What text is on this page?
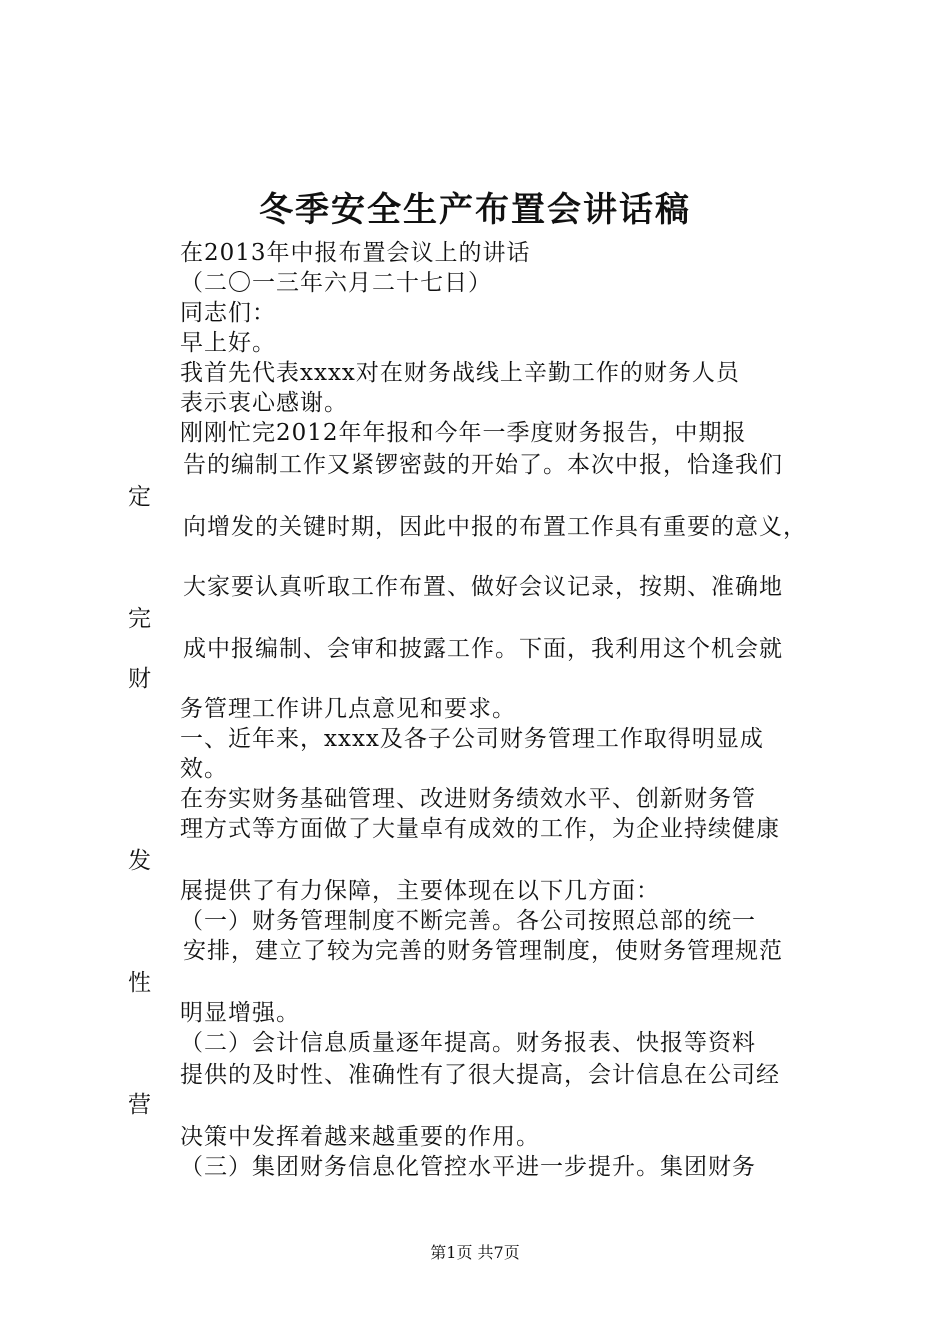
冬季安全生产布置会讲话稿
在2013年中报布置会议上的讲话
（二〇一三年六月二十七日）
同志们：
早上好。
我首先代表xxxx对在财务战线上辛勤工作的财务人员
表示衷心感谢。
刚刚忙完2012年年报和今年一季度财务报告，中期报
告的编制工作又紧锣密鼓的开始了。本次中报，恰逢我们
定
向增发的关键时期，因此中报的布置工作具有重要的意义，
大家要认真听取工作布置、做好会议记录，按期、准确地
完
成中报编制、会审和披露工作。下面，我利用这个机会就
财
务管理工作讲几点意见和要求。
一、近年来，xxxx及各子公司财务管理工作取得明显成
效。
在夯实财务基础管理、改进财务绩效水平、创新财务管
理方式等方面做了大量卓有成效的工作，为企业持续健康
发
展提供了有力保障，主要体现在以下几方面：
（一）财务管理制度不断完善。各公司按照总部的统一
安排，建立了较为完善的财务管理制度，使财务管理规范
性
明显增强。
（二）会计信息质量逐年提高。财务报表、快报等资料
提供的及时性、准确性有了很大提高，会计信息在公司经
营
决策中发挥着越来越重要的作用。
（三）集团财务信息化管控水平进一步提升。集团财务
第1页 共7页
